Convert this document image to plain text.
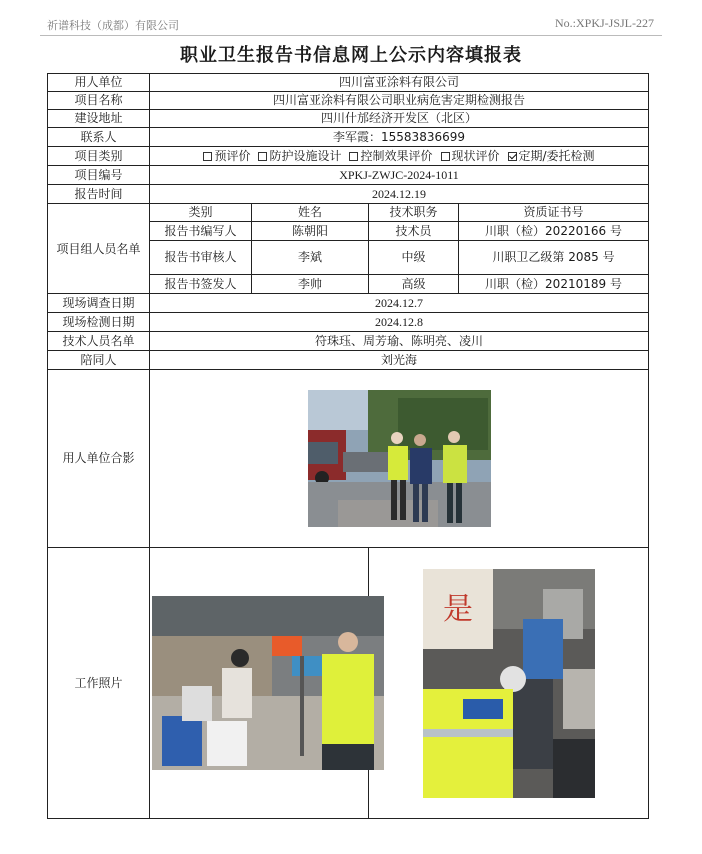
祈谱科技（成都）有限公司	No.:XPKJ-JSJL-227
职业卫生报告书信息网上公示内容填报表
用人单位	四川富亚涂料有限公司			
项目名称	四川富亚涂料有限公司职业病危害定期检测报告			
建设地址	四川什邡经济开发区（北区）			
联系人	李军霞：15583836699			
项目类别	预评价 防护设施设计 控制效果评价 现状评价 定期/委托检测			
项目编号	XPKJ-ZWJC-2024-1011			
报告时间	2024.12.19			
项目组人员名单	类别	姓名	技术职务	资质证书号
	报告书编写人	陈朝阳	技术员	川职（检）20220166 号
	报告书审核人	李斌	中级	川职卫乙级第 2085 号
	报告书签发人	李帅	高级	川职（检）20210189 号
现场调查日期	2024.12.7			
现场检测日期	2024.12.8			
技术人员名单	符珠珏、周芳瑜、陈明亮、凌川			
陪同人	刘光海			
用人单位合影	

工作照片			是	
